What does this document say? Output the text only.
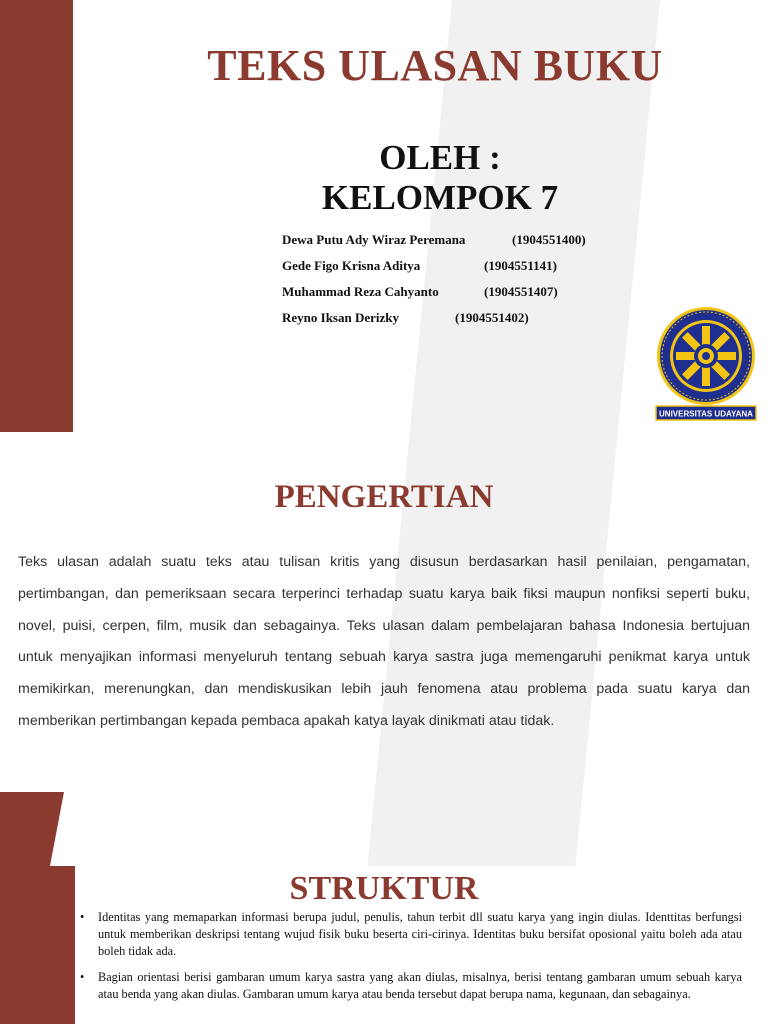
TEKS ULASAN BUKU
OLEH :
KELOMPOK 7
Dewa Putu Ady Wiraz Peremana	(1904551400)
Gede Figo Krisna Aditya	(1904551141)
Muhammad Reza Cahyanto	(1904551407)
Reyno Iksan Derizky	(1904551402)
UNIVERSITAS UDAYANA
PENGERTIAN

Teks ulasan adalah suatu teks atau tulisan kritis yang disusun berdasarkan hasil penilaian, pengamatan, pertimbangan, dan pemeriksaan secara terperinci terhadap suatu karya baik fiksi maupun nonfiksi seperti buku, novel, puisi, cerpen, film, musik dan sebagainya. Teks ulasan dalam pembelajaran bahasa Indonesia bertujuan untuk menyajikan informasi menyeluruh tentang sebuah karya sastra juga memengaruhi penikmat karya untuk memikirkan, merenungkan, dan mendiskusikan lebih jauh fenomena atau problema pada suatu karya dan memberikan pertimbangan kepada pembaca apakah katya layak dinikmati atau tidak.

STRUKTUR
• Identitas yang memaparkan informasi berupa judul, penulis, tahun terbit dll suatu karya yang ingin diulas. Identtitas berfungsi untuk memberikan deskripsi tentang wujud fisik buku beserta ciri-cirinya. Identitas buku bersifat oposional yaitu boleh ada atau boleh tidak ada.
• Bagian orientasi berisi gambaran umum karya sastra yang akan diulas, misalnya, berisi tentang gambaran umum sebuah karya atau benda yang akan diulas. Gambaran umum karya atau benda tersebut dapat berupa nama, kegunaan, dan sebagainya.
